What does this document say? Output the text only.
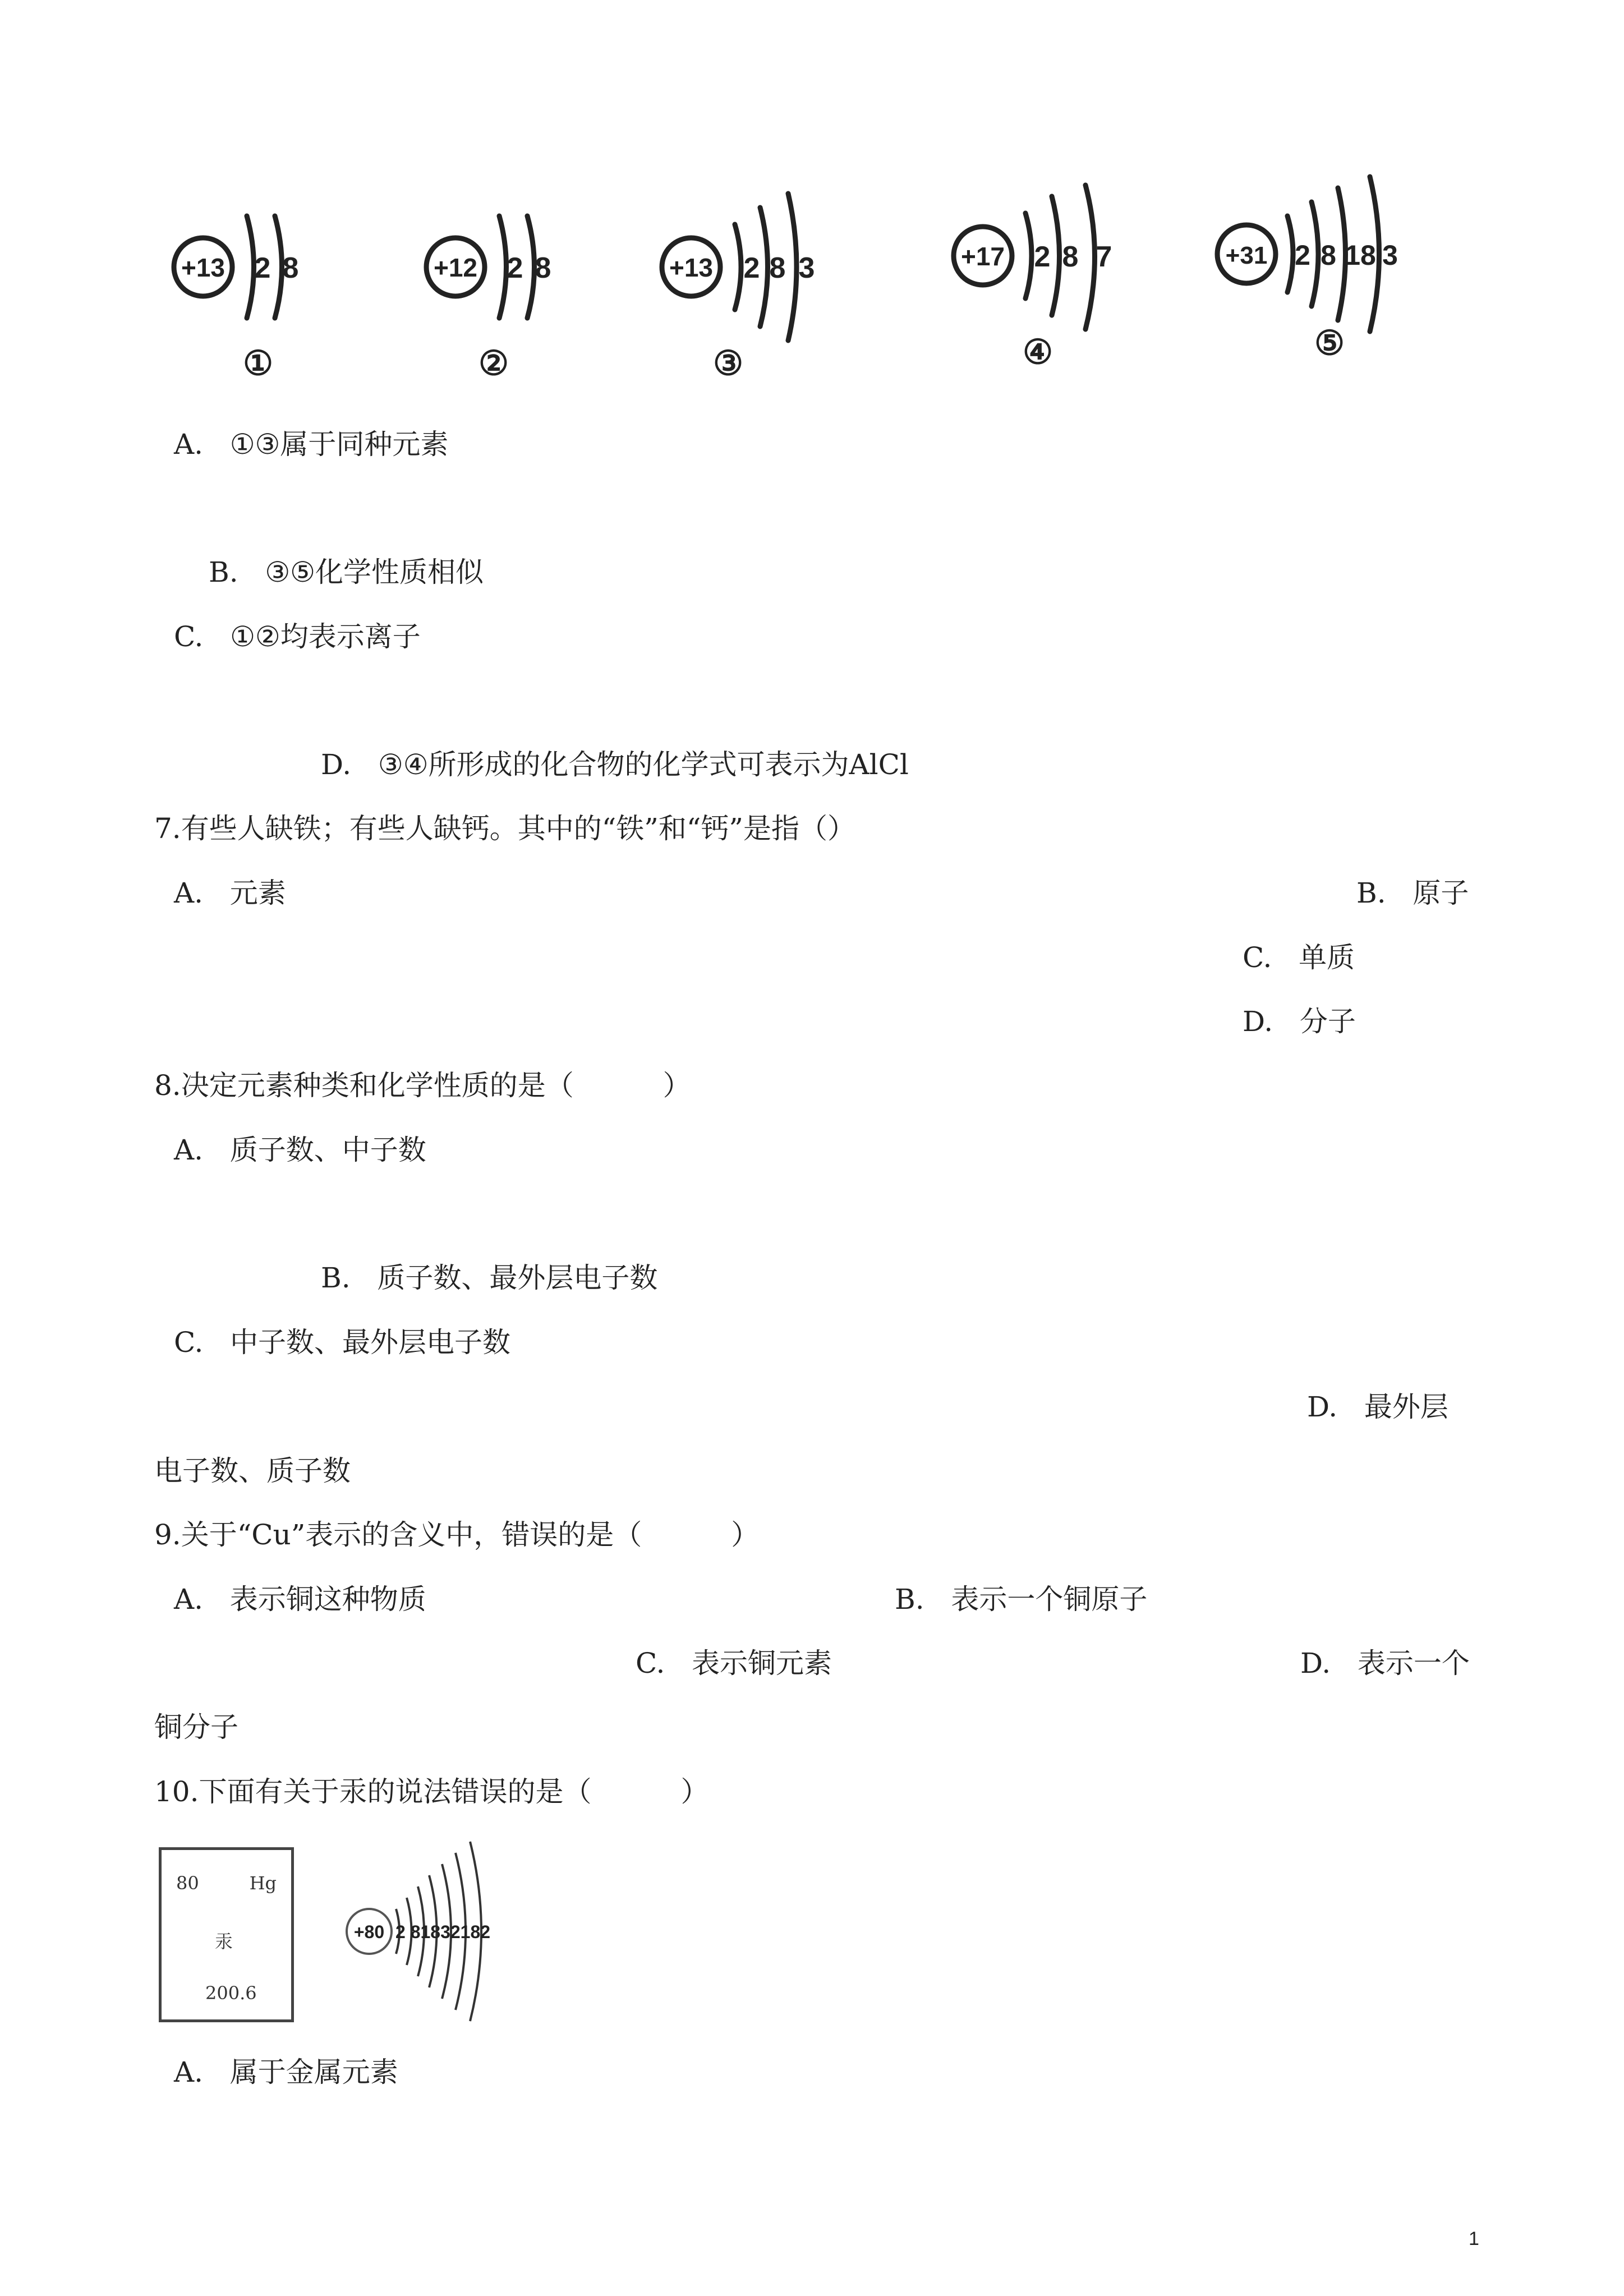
+13 2 8
①
+12 2 8
②
+13 2 8 3
③
+17 2 8 7
④
+31 2 8 18 3
⑤
A. ①③属于同种元素
B. ③⑤化学性质相似
C. ①②均表示离子
D. ③④所形成的化合物的化学式可表示为AlCl
7.有些人缺铁；有些人缺钙。其中的“铁”和“钙”是指（）
A. 元素	B. 原子
C. 单质
D. 分子
8.决定元素种类和化学性质的是（          ）
A. 质子数、中子数
B. 质子数、最外层电子数
C. 中子数、最外层电子数
D. 最外层
电子数、质子数
9.关于“Cu”表示的含义中，错误的是（          ）
A. 表示铜这种物质	B. 表示一个铜原子
C. 表示铜元素	D. 表示一个
铜分子
10.下面有关于汞的说法错误的是（          ）
80	Hg
汞
200.6
+80 2 81832182
A. 属于金属元素
1
